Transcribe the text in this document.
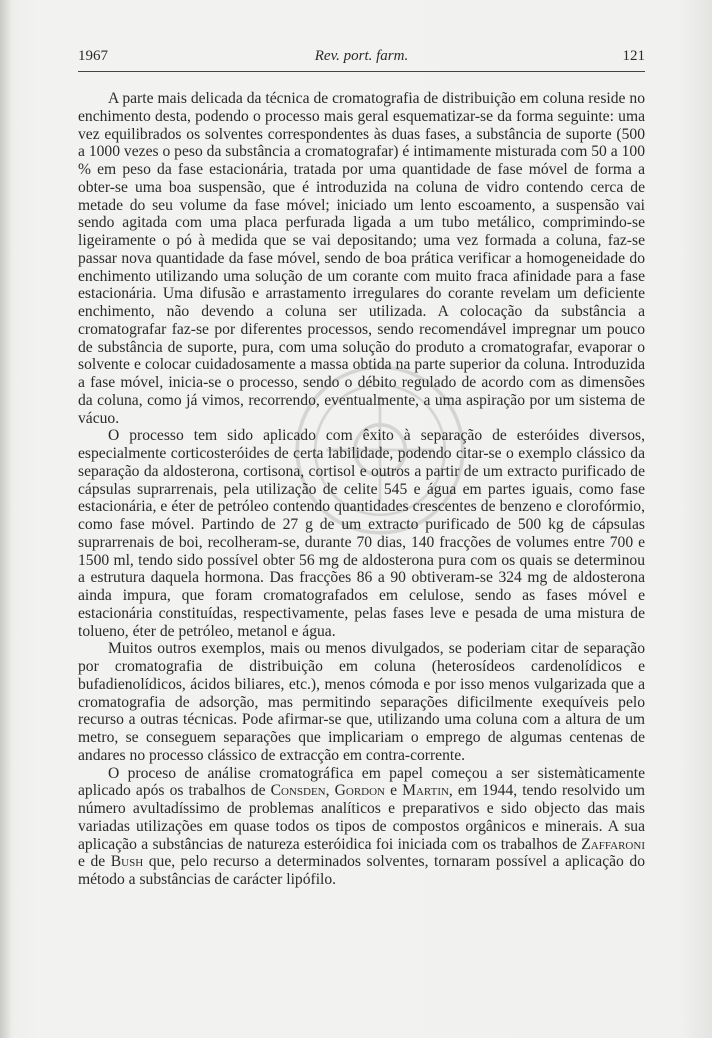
1967	Rev. port. farm.	121

A parte mais delicada da técnica de cromatografia de distribuição em coluna reside no enchimento desta, podendo o processo mais geral esquematizar-se da forma seguinte: uma vez equilibrados os solventes correspondentes às duas fases, a substância de suporte (500 a 1000 vezes o peso da substância a cromatografar) é intimamente misturada com 50 a 100 % em peso da fase estacionária, tratada por uma quantidade de fase móvel de forma a obter-se uma boa suspensão, que é introduzida na coluna de vidro contendo cerca de metade do seu volume da fase móvel; iniciado um lento escoamento, a suspensão vai sendo agitada com uma placa perfurada ligada a um tubo metálico, comprimindo-se ligeiramente o pó à medida que se vai depositando; uma vez formada a coluna, faz-se passar nova quantidade da fase móvel, sendo de boa prática verificar a homogeneidade do enchimento utilizando uma solução de um corante com muito fraca afinidade para a fase estacionária. Uma difusão e arrastamento irregulares do corante revelam um deficiente enchimento, não devendo a coluna ser utilizada. A colocação da substância a cromatografar faz-se por diferentes processos, sendo recomendável impregnar um pouco de substância de suporte, pura, com uma solução do produto a cromatografar, evaporar o solvente e colocar cuidadosamente a massa obtida na parte superior da coluna. Introduzida a fase móvel, inicia-se o processo, sendo o débito regulado de acordo com as dimensões da coluna, como já vimos, recorrendo, eventualmente, a uma aspiração por um sistema de vácuo.

O processo tem sido aplicado com êxito à separação de esteróides diversos, especialmente corticosteróides de certa labilidade, podendo citar-se o exemplo clássico da separação da aldosterona, cortisona, cortisol e outros a partir de um extracto purificado de cápsulas suprarrenais, pela utilização de celite 545 e água em partes iguais, como fase estacionária, e éter de petróleo contendo quantidades crescentes de benzeno e clorofórmio, como fase móvel. Partindo de 27 g de um extracto purificado de 500 kg de cápsulas suprarrenais de boi, recolheram-se, durante 70 dias, 140 fracções de volumes entre 700 e 1500 ml, tendo sido possível obter 56 mg de aldosterona pura com os quais se determinou a estrutura daquela hormona. Das fracções 86 a 90 obtiveram-se 324 mg de aldosterona ainda impura, que foram cromatografados em celulose, sendo as fases móvel e estacionária constituídas, respectivamente, pelas fases leve e pesada de uma mistura de tolueno, éter de petróleo, metanol e água.

Muitos outros exemplos, mais ou menos divulgados, se poderiam citar de separação por cromatografia de distribuição em coluna (heterosídeos cardenolídicos e bufadienolídicos, ácidos biliares, etc.), menos cómoda e por isso menos vulgarizada que a cromatografia de adsorção, mas permitindo separações dificilmente exequíveis pelo recurso a outras técnicas. Pode afirmar-se que, utilizando uma coluna com a altura de um metro, se conseguem separações que implicariam o emprego de algumas centenas de andares no processo clássico de extracção em contra-corrente.

O proceso de análise cromatográfica em papel começou a ser sistemàticamente aplicado após os trabalhos de Consden, Gordon e Martin, em 1944, tendo resolvido um número avultadíssimo de problemas analíticos e preparativos e sido objecto das mais variadas utilizações em quase todos os tipos de compostos orgânicos e minerais. A sua aplicação a substâncias de natureza esteróidica foi iniciada com os trabalhos de Zaffaroni e de Bush que, pelo recurso a determinados solventes, tornaram possível a aplicação do método a substâncias de carácter lipófilo.
